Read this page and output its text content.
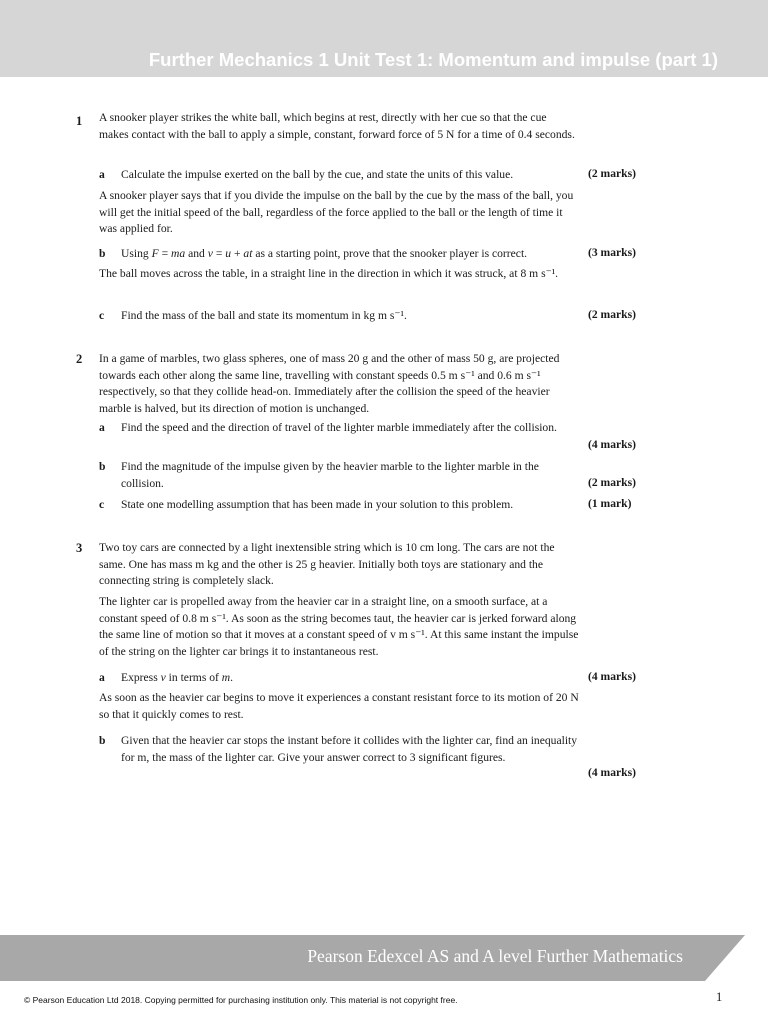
Further Mechanics 1 Unit Test 1: Momentum and impulse (part 1)
1 A snooker player strikes the white ball, which begins at rest, directly with her cue so that the cue makes contact with the ball to apply a simple, constant, forward force of 5 N for a time of 0.4 seconds.
a Calculate the impulse exerted on the ball by the cue, and state the units of this value.	(2 marks)
A snooker player says that if you divide the impulse on the ball by the cue by the mass of the ball, you will get the initial speed of the ball, regardless of the force applied to the ball or the length of time it was applied for.
b Using F = ma and v = u + at as a starting point, prove that the snooker player is correct.	(3 marks)
The ball moves across the table, in a straight line in the direction in which it was struck, at 8 m s⁻¹.
c Find the mass of the ball and state its momentum in kg m s⁻¹.	(2 marks)
2 In a game of marbles, two glass spheres, one of mass 20 g and the other of mass 50 g, are projected towards each other along the same line, travelling with constant speeds 0.5 m s⁻¹ and 0.6 m s⁻¹ respectively, so that they collide head-on. Immediately after the collision the speed of the heavier marble is halved, but its direction of motion is unchanged.
a Find the speed and the direction of travel of the lighter marble immediately after the collision.
(4 marks)
b Find the magnitude of the impulse given by the heavier marble to the lighter marble in the collision.	(2 marks)
c State one modelling assumption that has been made in your solution to this problem.	(1 mark)
3 Two toy cars are connected by a light inextensible string which is 10 cm long. The cars are not the same. One has mass m kg and the other is 25 g heavier. Initially both toys are stationary and the connecting string is completely slack.
The lighter car is propelled away from the heavier car in a straight line, on a smooth surface, at a constant speed of 0.8 m s⁻¹. As soon as the string becomes taut, the heavier car is jerked forward along the same line of motion so that it moves at a constant speed of v m s⁻¹. At this same instant the impulse of the string on the lighter car brings it to instantaneous rest.
a Express v in terms of m.	(4 marks)
As soon as the heavier car begins to move it experiences a constant resistant force to its motion of 20 N so that it quickly comes to rest.
b Given that the heavier car stops the instant before it collides with the lighter car, find an inequality for m, the mass of the lighter car. Give your answer correct to 3 significant figures.
(4 marks)
Pearson Edexcel AS and A level Further Mathematics
© Pearson Education Ltd 2018. Copying permitted for purchasing institution only. This material is not copyright free.	1
